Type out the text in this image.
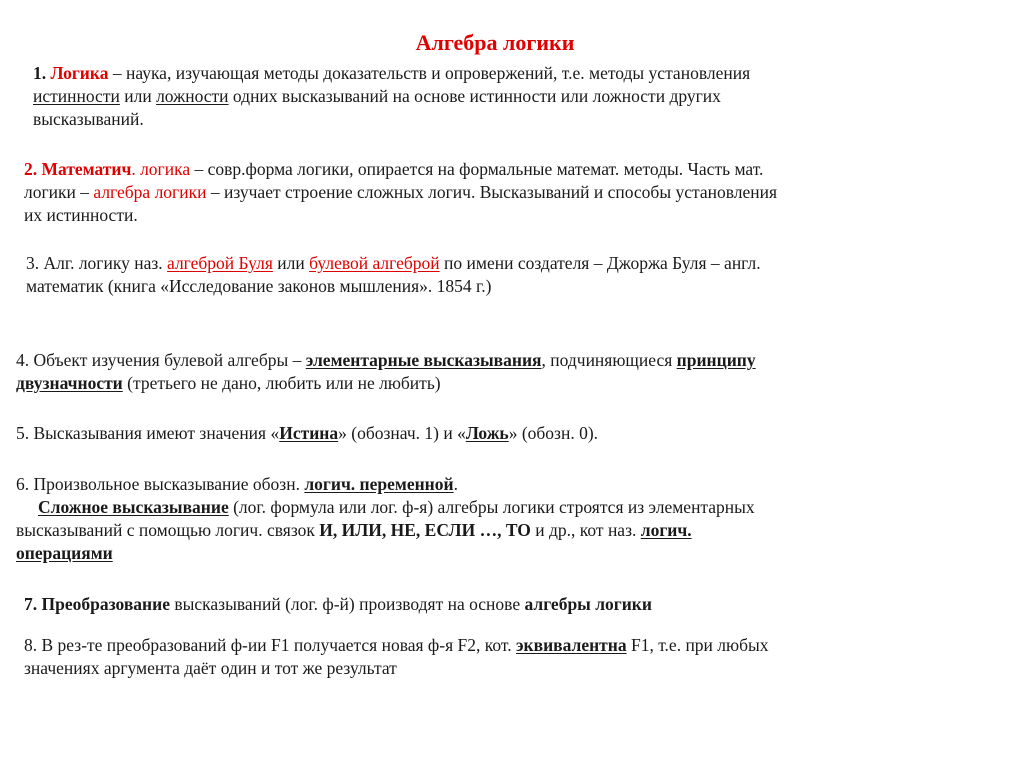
Алгебра логики
1. Логика – наука, изучающая методы доказательств и опровержений, т.е. методы установления
истинности или ложности одних высказываний на основе истинности или ложности других
высказываний.
2. Математич. логика – совр.форма логики, опирается на формальные математ. методы. Часть мат.
логики – алгебра логики – изучает строение сложных логич. Высказываний и способы установления
их истинности.
3. Алг. логику наз. алгеброй Буля или булевой алгеброй по имени создателя – Джоржа Буля – англ.
математик (книга «Исследование законов мышления». 1854 г.)
4. Объект изучения булевой алгебры – элементарные высказывания, подчиняющиеся принципу
двузначности (третьего не дано, любить или не любить)
5. Высказывания имеют значения «Истина» (обознач. 1) и «Ложь» (обозн. 0).
6. Произвольное высказывание обозн. логич. переменной.
Сложное высказывание (лог. формула или лог. ф-я) алгебры логики строятся из элементарных
высказываний с помощью логич. связок И, ИЛИ, НЕ, ЕСЛИ …, ТО и др., кот наз. логич.
операциями
7. Преобразование высказываний (лог. ф-й) производят на основе алгебры логики
8. В рез-те преобразований ф-ии F1 получается новая ф-я F2, кот. эквивалентна F1, т.е. при любых
значениях аргумента даёт один и тот же результат
